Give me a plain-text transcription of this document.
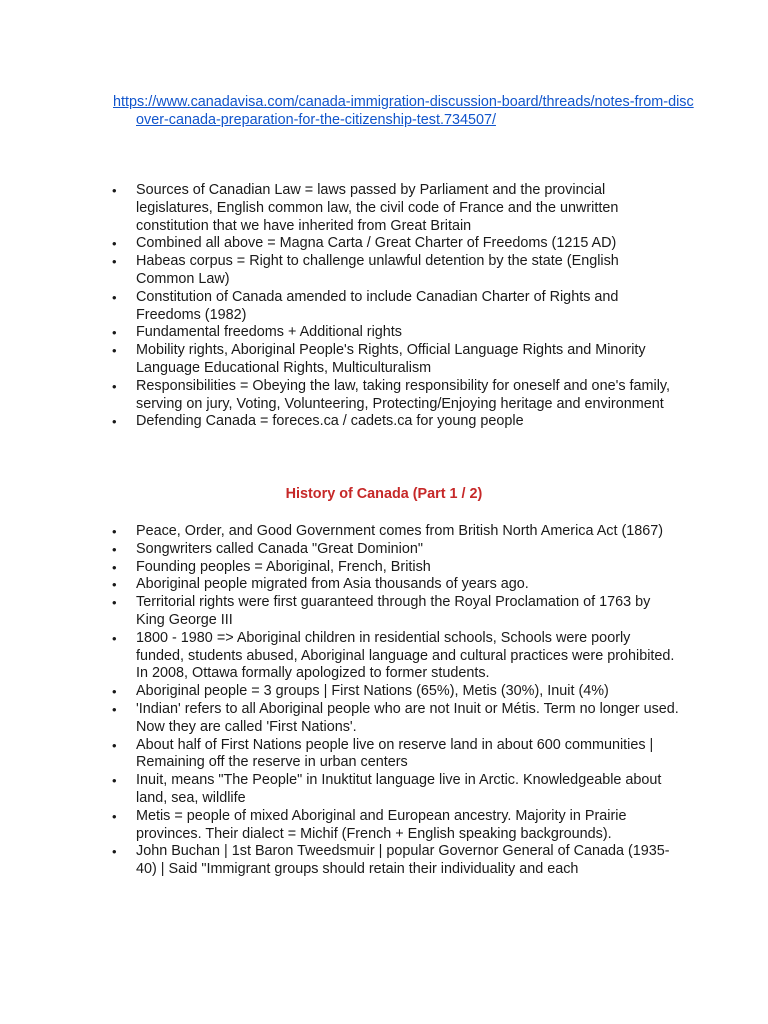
https://www.canadavisa.com/canada-immigration-discussion-board/threads/notes-from-discover-canada-preparation-for-the-citizenship-test.734507/
• Sources of Canadian Law = laws passed by Parliament and the provincial legislatures, English common law, the civil code of France and the unwritten constitution that we have inherited from Great Britain
• Combined all above = Magna Carta / Great Charter of Freedoms (1215 AD)
• Habeas corpus = Right to challenge unlawful detention by the state (English Common Law)
• Constitution of Canada amended to include Canadian Charter of Rights and Freedoms (1982)
• Fundamental freedoms + Additional rights
• Mobility rights, Aboriginal People's Rights, Official Language Rights and Minority Language Educational Rights, Multiculturalism
• Responsibilities = Obeying the law, taking responsibility for oneself and one's family, serving on jury, Voting, Volunteering, Protecting/Enjoying heritage and environment
• Defending Canada = foreces.ca / cadets.ca for young people
History of Canada (Part 1 / 2)
• Peace, Order, and Good Government comes from British North America Act (1867)
• Songwriters called Canada "Great Dominion"
• Founding peoples = Aboriginal, French, British
• Aboriginal people migrated from Asia thousands of years ago.
• Territorial rights were first guaranteed through the Royal Proclamation of 1763 by King George III
• 1800 - 1980 => Aboriginal children in residential schools, Schools were poorly funded, students abused, Aboriginal language and cultural practices were prohibited. In 2008, Ottawa formally apologized to former students.
• Aboriginal people = 3 groups | First Nations (65%), Metis (30%), Inuit (4%)
• 'Indian' refers to all Aboriginal people who are not Inuit or Métis. Term no longer used. Now they are called 'First Nations'.
• About half of First Nations people live on reserve land in about 600 communities | Remaining off the reserve in urban centers
• Inuit, means "The People" in Inuktitut language live in Arctic. Knowledgeable about land, sea, wildlife
• Metis = people of mixed Aboriginal and European ancestry. Majority in Prairie provinces. Their dialect = Michif (French + English speaking backgrounds).
• John Buchan | 1st Baron Tweedsmuir | popular Governor General of Canada (1935-40) | Said "Immigrant groups should retain their individuality and each
